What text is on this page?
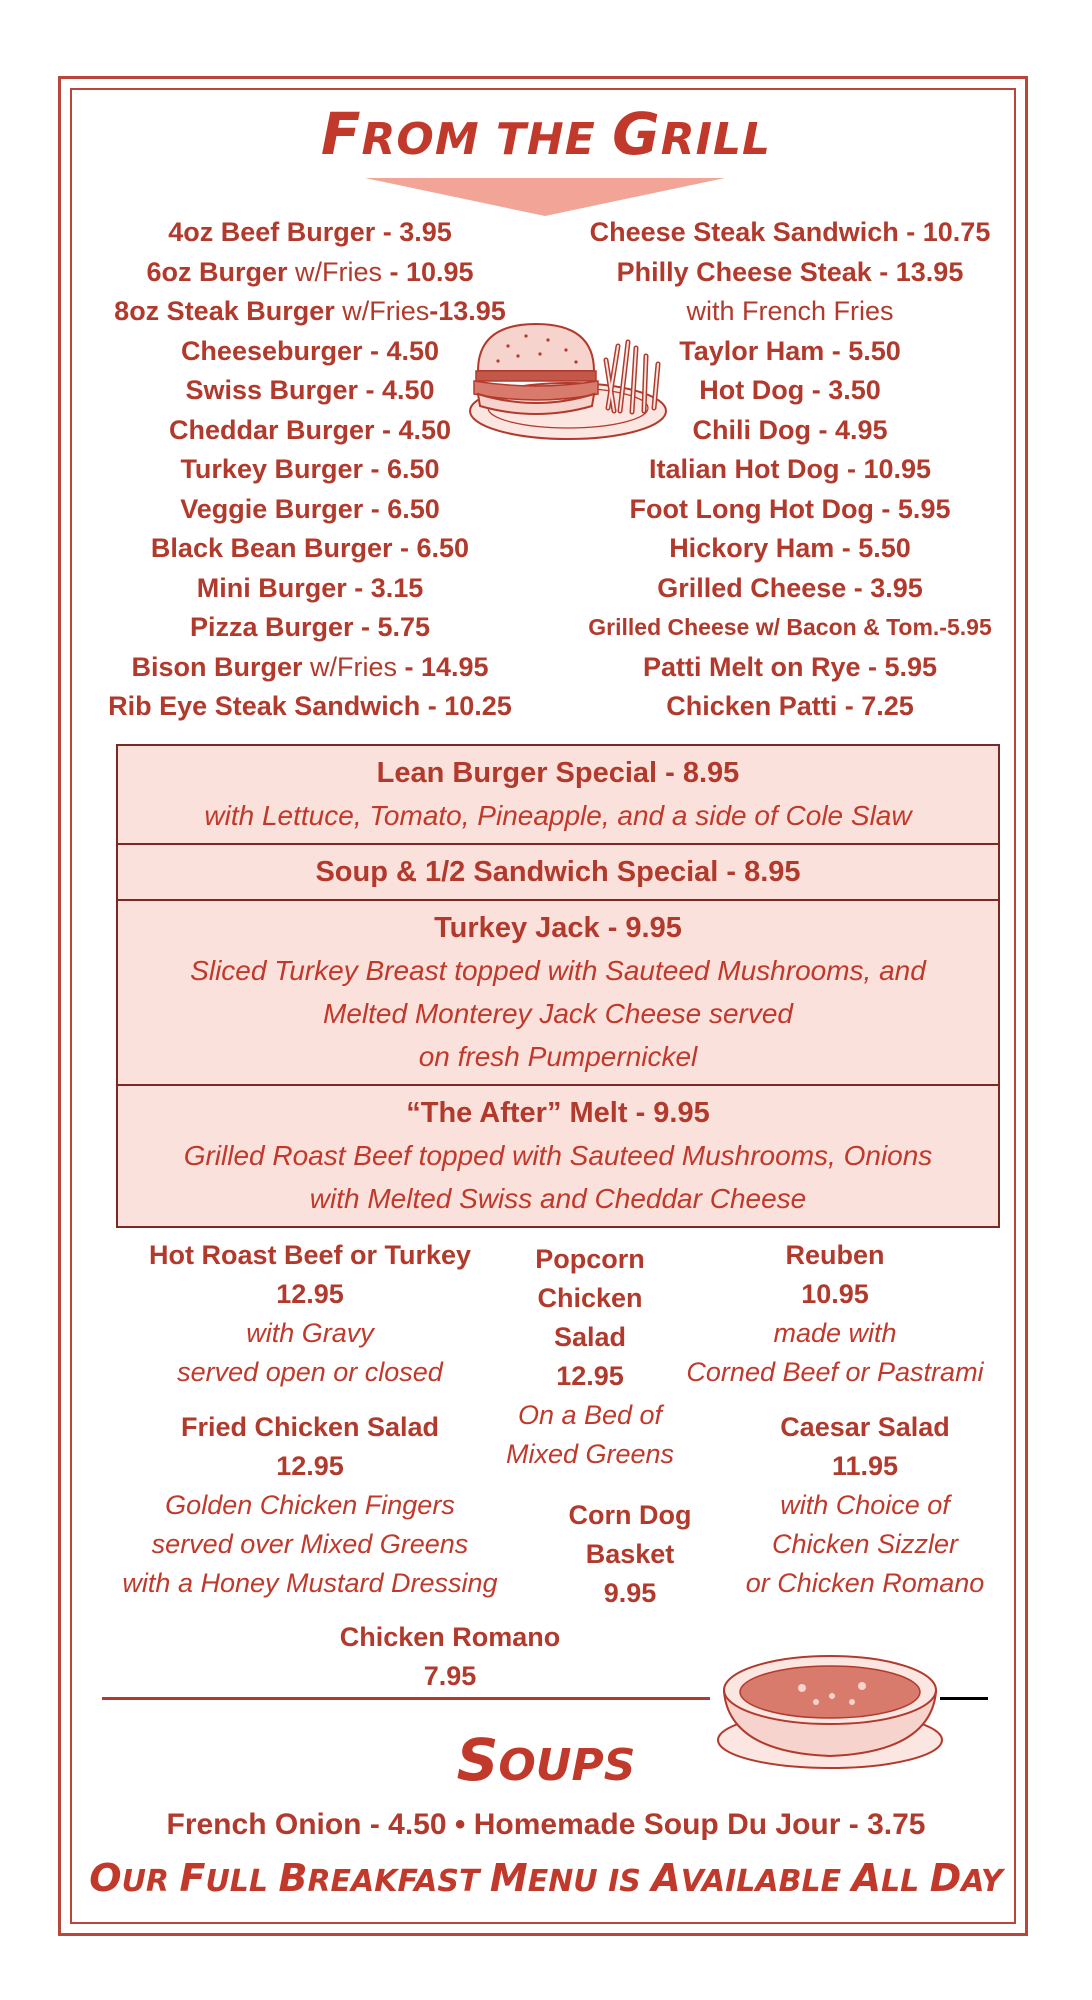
FROM THE GRILL
4oz Beef Burger - 3.95
6oz Burger w/Fries - 10.95
8oz Steak Burger w/Fries-13.95
Cheeseburger - 4.50
Swiss Burger - 4.50
Cheddar Burger - 4.50
Turkey Burger - 6.50
Veggie Burger - 6.50
Black Bean Burger - 6.50
Mini Burger - 3.15
Pizza Burger - 5.75
Bison Burger w/Fries - 14.95
Rib Eye Steak Sandwich - 10.25
Cheese Steak Sandwich - 10.75
Philly Cheese Steak - 13.95
with French Fries
Taylor Ham - 5.50
Hot Dog - 3.50
Chili Dog - 4.95
Italian Hot Dog - 10.95
Foot Long Hot Dog - 5.95
Hickory Ham - 5.50
Grilled Cheese - 3.95
Grilled Cheese w/ Bacon & Tom.-5.95
Patti Melt on Rye - 5.95
Chicken Patti - 7.25
Lean Burger Special - 8.95
with Lettuce, Tomato, Pineapple, and a side of Cole Slaw
Soup & 1/2 Sandwich Special - 8.95
Turkey Jack - 9.95
Sliced Turkey Breast topped with Sauteed Mushrooms, and
Melted Monterey Jack Cheese served
on fresh Pumpernickel
“The After” Melt - 9.95
Grilled Roast Beef topped with Sauteed Mushrooms, Onions
with Melted Swiss and Cheddar Cheese
Hot Roast Beef or Turkey
12.95
with Gravy
served open or closed
Popcorn
Chicken
Salad
12.95
On a Bed of
Mixed Greens
Reuben
10.95
made with
Corned Beef or Pastrami
Fried Chicken Salad
12.95
Golden Chicken Fingers
served over Mixed Greens
with a Honey Mustard Dressing
Caesar Salad
11.95
with Choice of
Chicken Sizzler
or Chicken Romano
Corn Dog
Basket
9.95
Chicken Romano
7.95
SOUPS
French Onion - 4.50 • Homemade Soup Du Jour - 3.75
OUR FULL BREAKFAST MENU IS AVAILABLE ALL DAY
